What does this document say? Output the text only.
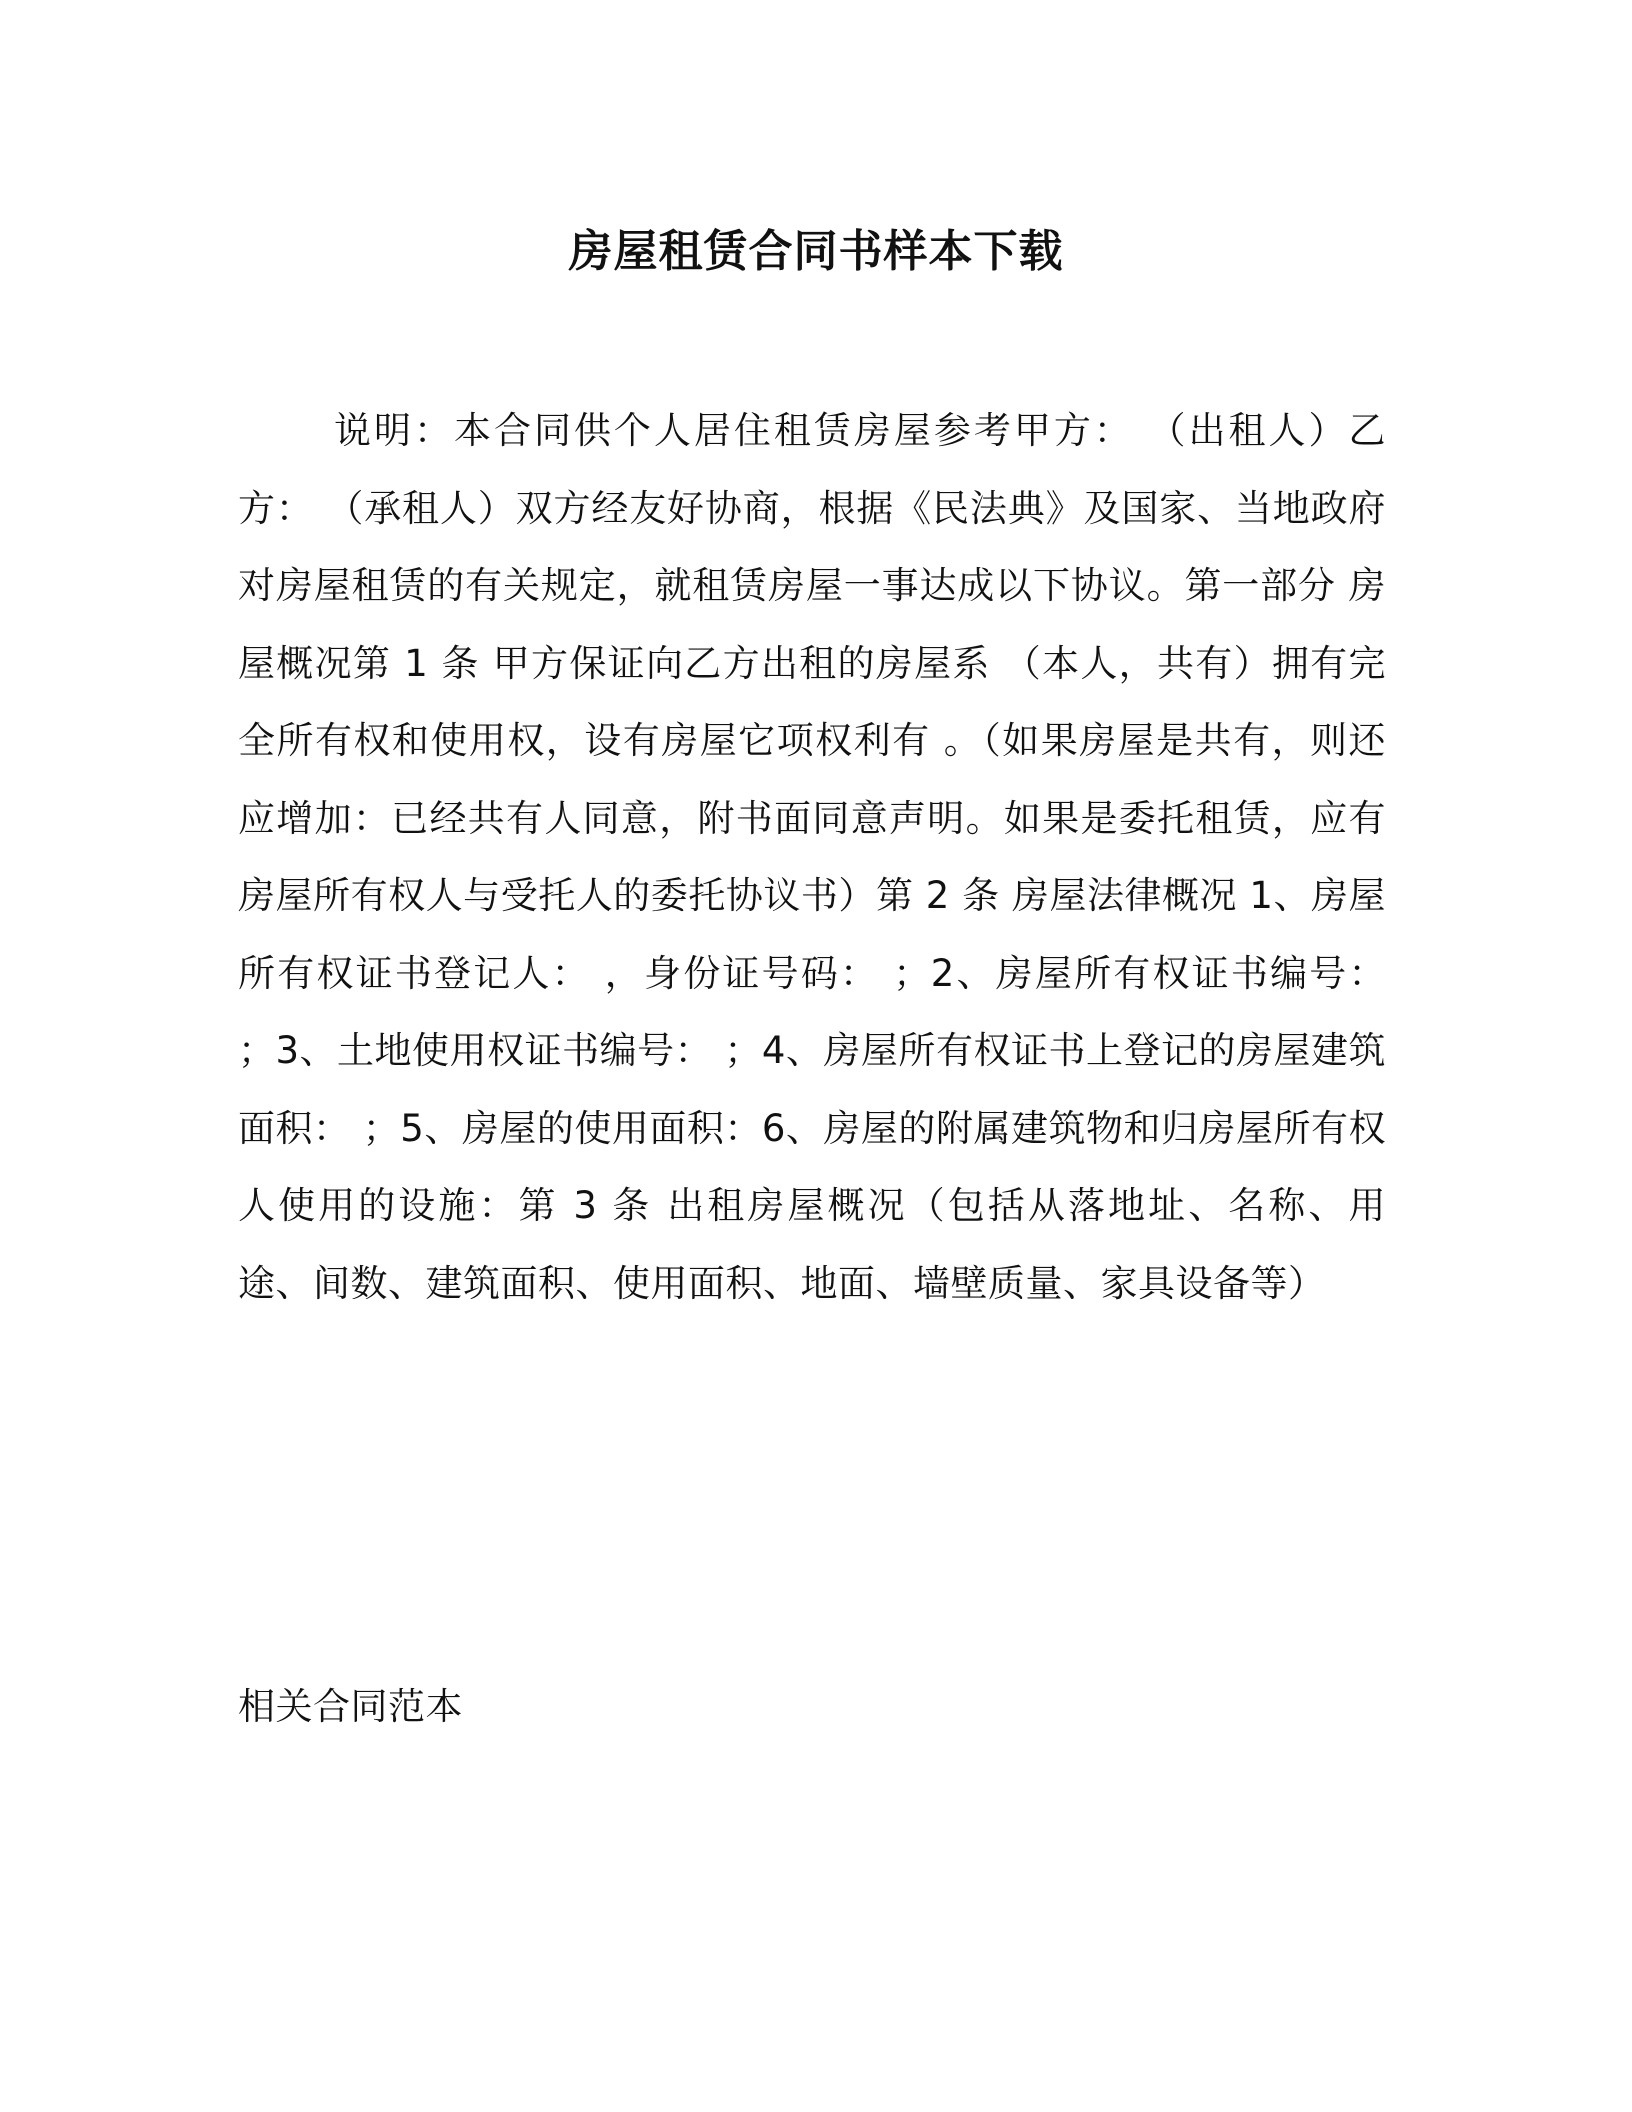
房屋租赁合同书样本下载
说明：本合同供个人居住租赁房屋参考甲方： （出租人）乙方： （承租人）双方经友好协商，根据《民法典》及国家、当地政府对房屋租赁的有关规定，就租赁房屋一事达成以下协议。第一部分 房屋概况第 1 条 甲方保证向乙方出租的房屋系 （本人，共有）拥有完全所有权和使用权，设有房屋它项权利有 。（如果房屋是共有，则还应增加：已经共有人同意，附书面同意声明。如果是委托租赁，应有房屋所有权人与受托人的委托协议书）第 2 条 房屋法律概况 1、房屋所有权证书登记人： ，身份证号码： ；2、房屋所有权证书编号： ；3、土地使用权证书编号： ；4、房屋所有权证书上登记的房屋建筑面积： ；5、房屋的使用面积：6、房屋的附属建筑物和归房屋所有权人使用的设施：第 3 条 出租房屋概况（包括从落地址、名称、用途、间数、建筑面积、使用面积、地面、墙壁质量、家具设备等）
相关合同范本
